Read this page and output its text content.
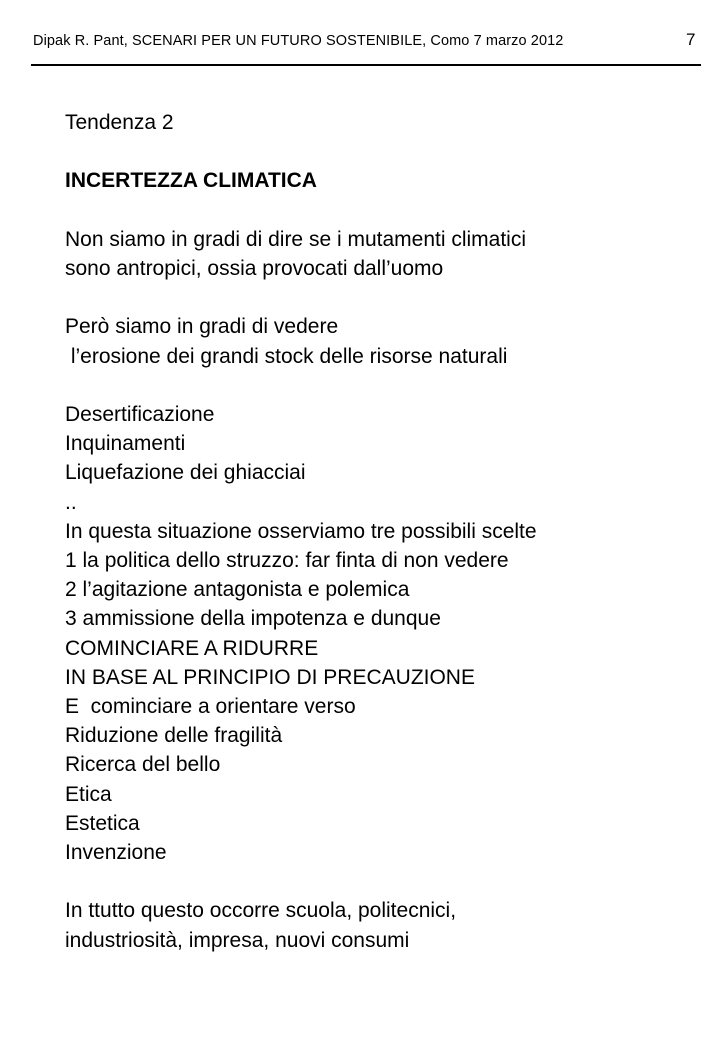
Dipak R. Pant, SCENARI PER UN FUTURO SOSTENIBILE, Como 7 marzo 2012	7
Tendenza 2

INCERTEZZA CLIMATICA

Non siamo in gradi di dire se i mutamenti climatici
sono antropici, ossia provocati dall’uomo

Però siamo in gradi di vedere
l’erosione dei grandi stock delle risorse naturali

Desertificazione
Inquinamenti
Liquefazione dei ghiacciai
..
In questa situazione osserviamo tre possibili scelte
1 la politica dello struzzo: far finta di non vedere
2 l’agitazione antagonista e polemica
3 ammissione della impotenza e dunque
COMINCIARE A RIDURRE
IN BASE AL PRINCIPIO DI PRECAUZIONE
E  cominciare a orientare verso
Riduzione delle fragilità
Ricerca del bello
Etica
Estetica
Invenzione

In ttutto questo occorre scuola, politecnici,
industriosità, impresa, nuovi consumi
